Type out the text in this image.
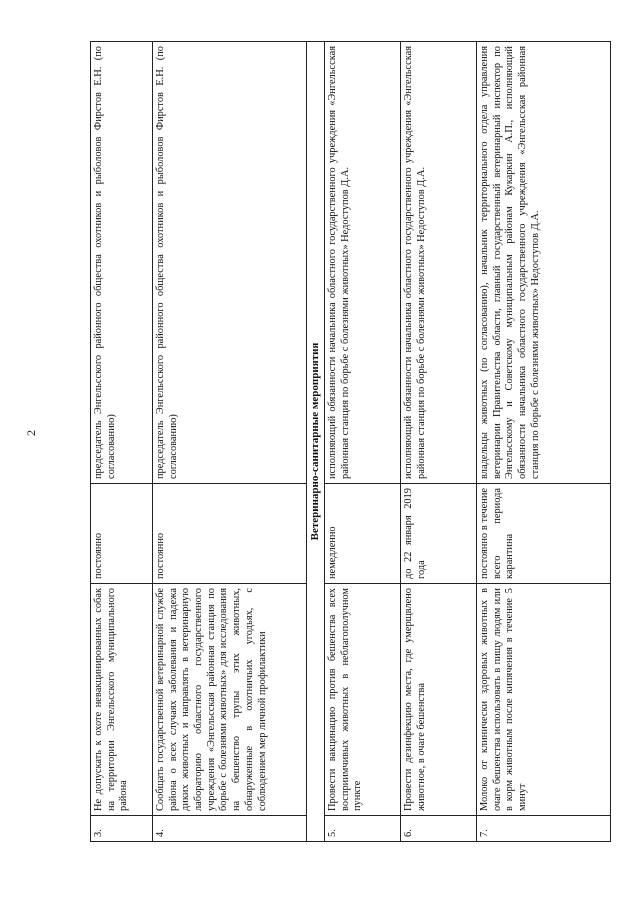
2
3.	Не допускать к охоте невакцинированных собак на территории Энгельсского муниципального района	постоянно	председатель Энгельсского районного общества охотников и рыболовов Фирстов Е.Н. (по согласованию)
4.	Сообщать государственной ветеринарной службе района о всех случаях заболевания и падежа диких животных и направлять в ветеринарную лабораторию областного государственного учреждения «Энгельсская районная станция по борьбе с болезнями животных» для исследования на бешенство трупы этих животных, обнаруженные в охотничьих угодьях, с соблюдением мер личной профилактики	постоянно	председатель Энгельсского районного общества охотников и рыболовов Фирстов Е.Н. (по согласованию)
Ветеринарно-санитарные мероприятия			
5.	Провести вакцинацию против бешенства всех восприимчивых животных в неблагополучном пункте	немедленно	исполняющий обязанности начальника областного государственного учреждения «Энгельсская районная станция по борьбе с болезнями животных» Недоступов Д.А.
6.	Провести дезинфекцию места, где умерщвлено животное, в очаге бешенства	до 22 января 2019 года	исполняющий обязанности начальника областного государственного учреждения «Энгельсская районная станция по борьбе с болезнями животных» Недоступов Д.А.
7.	Молоко от клинически здоровых животных в очаге бешенства использовать в пищу людям или в корм животным после кипячения в течение 5 минут	постоянно в течение всего периода карантина	владельцы животных (по согласованию), начальник территориального отдела управления ветеринарии Правительства области, главный государственный ветеринарный инспектор по Энгельсскому и Советскому муниципальным районам Кукаркин А.П., исполняющий обязанности начальника областного государственного учреждения «Энгельсская районная станция по борьбе с болезнями животных» Недоступов Д.А.
